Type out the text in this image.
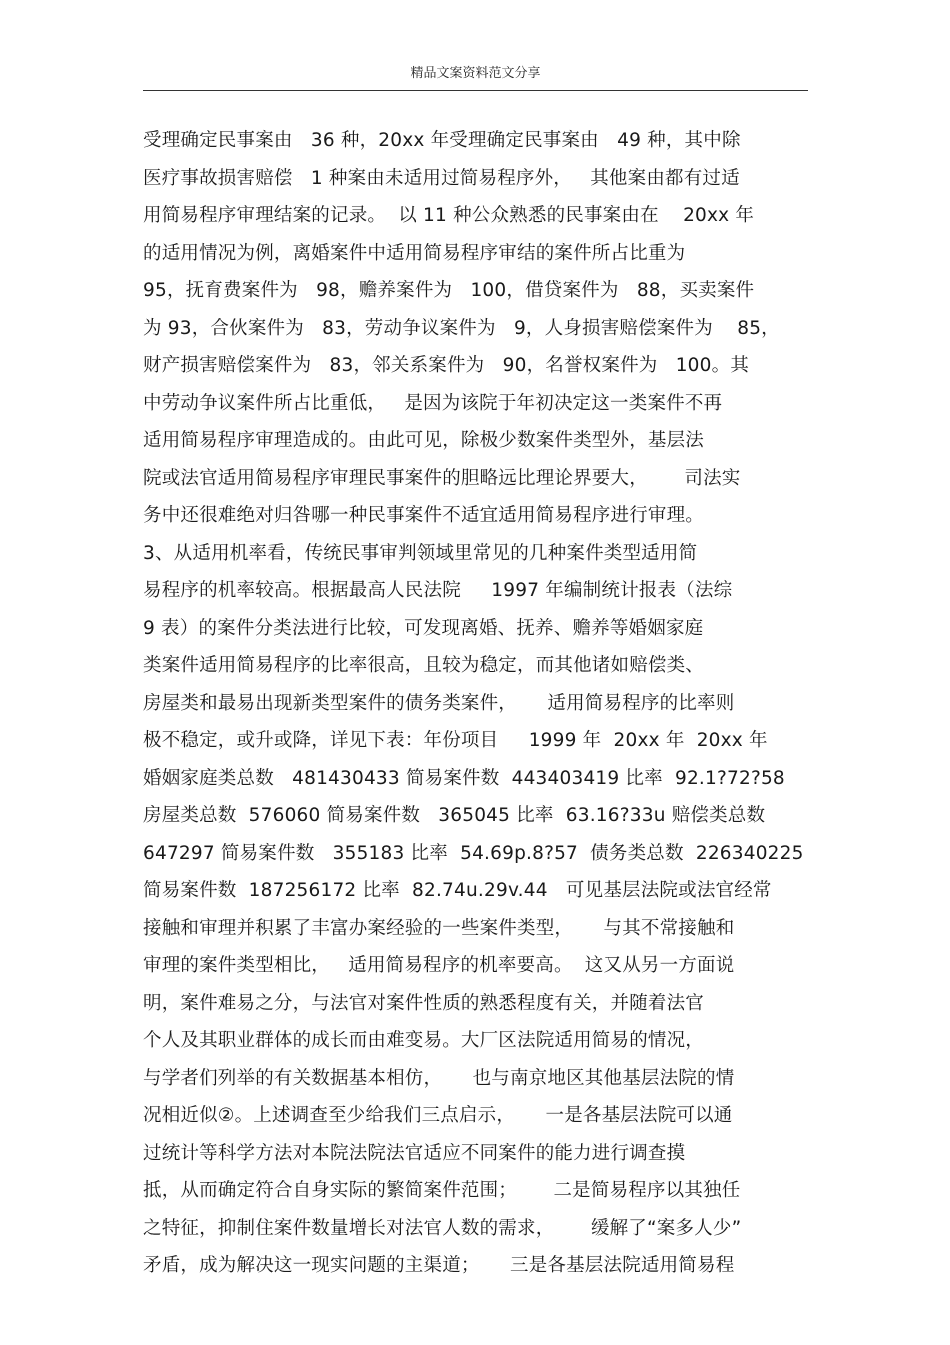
精品文案资料范文分享
受理确定民事案由   36 种，20xx 年受理确定民事案由   49 种，其中除
医疗事故损害赔偿   1 种案由未适用过简易程序外，   其他案由都有过适
用简易程序审理结案的记录。  以 11 种公众熟悉的民事案由在    20xx 年
的适用情况为例，离婚案件中适用简易程序审结的案件所占比重为
95，抚育费案件为   98，赡养案件为   100，借贷案件为   88，买卖案件
为 93，合伙案件为   83，劳动争议案件为   9，人身损害赔偿案件为    85，
财产损害赔偿案件为   83，邻关系案件为   90，名誉权案件为   100。其
中劳动争议案件所占比重低，   是因为该院于年初决定这一类案件不再
适用简易程序审理造成的。由此可见，除极少数案件类型外，基层法
院或法官适用简易程序审理民事案件的胆略远比理论界要大，      司法实
务中还很难绝对归咎哪一种民事案件不适宜适用简易程序进行审理。
3、从适用机率看，传统民事审判领域里常见的几种案件类型适用简
易程序的机率较高。根据最高人民法院     1997 年编制统计报表（法综
9 表）的案件分类法进行比较，可发现离婚、抚养、赡养等婚姻家庭
类案件适用简易程序的比率很高，且较为稳定，而其他诸如赔偿类、
房屋类和最易出现新类型案件的债务类案件，     适用简易程序的比率则
极不稳定，或升或降，详见下表：年份项目     1999 年  20xx 年  20xx 年
婚姻家庭类总数   481430433 简易案件数  443403419 比率  92.1?72?58
房屋类总数  576060 简易案件数   365045 比率  63.16?33u 赔偿类总数
647297 简易案件数   355183 比率  54.69p.8?57  债务类总数  226340225
简易案件数  187256172 比率  82.74u.29v.44   可见基层法院或法官经常
接触和审理并积累了丰富办案经验的一些案件类型，     与其不常接触和
审理的案件类型相比，   适用简易程序的机率要高。  这又从另一方面说
明，案件难易之分，与法官对案件性质的熟悉程度有关，并随着法官
个人及其职业群体的成长而由难变易。大厂区法院适用简易的情况，
与学者们列举的有关数据基本相仿，     也与南京地区其他基层法院的情
况相近似②。上述调查至少给我们三点启示，     一是各基层法院可以通
过统计等科学方法对本院法院法官适应不同案件的能力进行调查摸
抵，从而确定符合自身实际的繁简案件范围；      二是简易程序以其独任
之特征，抑制住案件数量增长对法官人数的需求，      缓解了“案多人少”
矛盾，成为解决这一现实问题的主渠道；     三是各基层法院适用简易程
